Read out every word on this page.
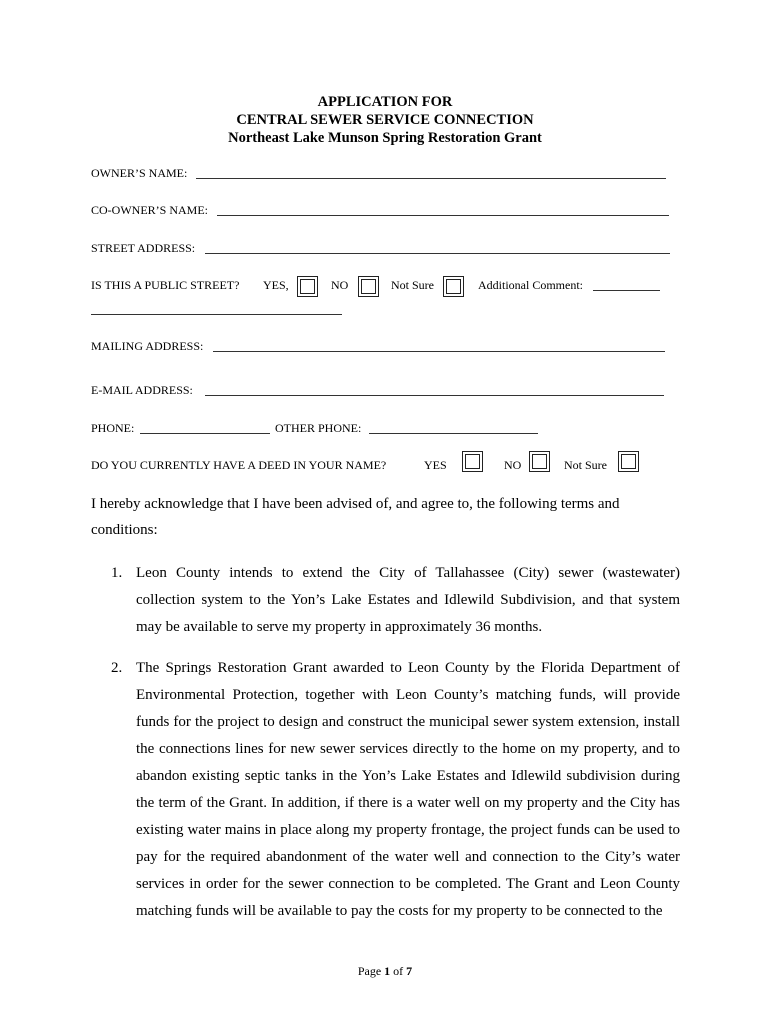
APPLICATION FOR
CENTRAL SEWER SERVICE CONNECTION
Northeast Lake Munson Spring Restoration Grant
OWNER’S NAME:
CO-OWNER’S NAME:
STREET ADDRESS:
IS THIS A PUBLIC STREET? YES,	NO	Not Sure	Additional Comment:
MAILING ADDRESS:
E-MAIL ADDRESS:
PHONE:	OTHER PHONE:
DO YOU CURRENTLY HAVE A DEED IN YOUR NAME?	YES	NO	Not Sure
I hereby acknowledge that I have been advised of, and agree to, the following terms and
conditions:
1. Leon County intends to extend the City of Tallahassee (City) sewer (wastewater) collection system to the Yon’s Lake Estates and Idlewild Subdivision, and that system may be available to serve my property in approximately 36 months.
2. The Springs Restoration Grant awarded to Leon County by the Florida Department of Environmental Protection, together with Leon County’s matching funds, will provide funds for the project to design and construct the municipal sewer system extension, install the connections lines for new sewer services directly to the home on my property, and to abandon existing septic tanks in the Yon’s Lake Estates and Idlewild subdivision during the term of the Grant. In addition, if there is a water well on my property and the City has existing water mains in place along my property frontage, the project funds can be used to pay for the required abandonment of the water well and connection to the City’s water services in order for the sewer connection to be completed. The Grant and Leon County matching funds will be available to pay the costs for my property to be connected to the
Page 1 of 7
